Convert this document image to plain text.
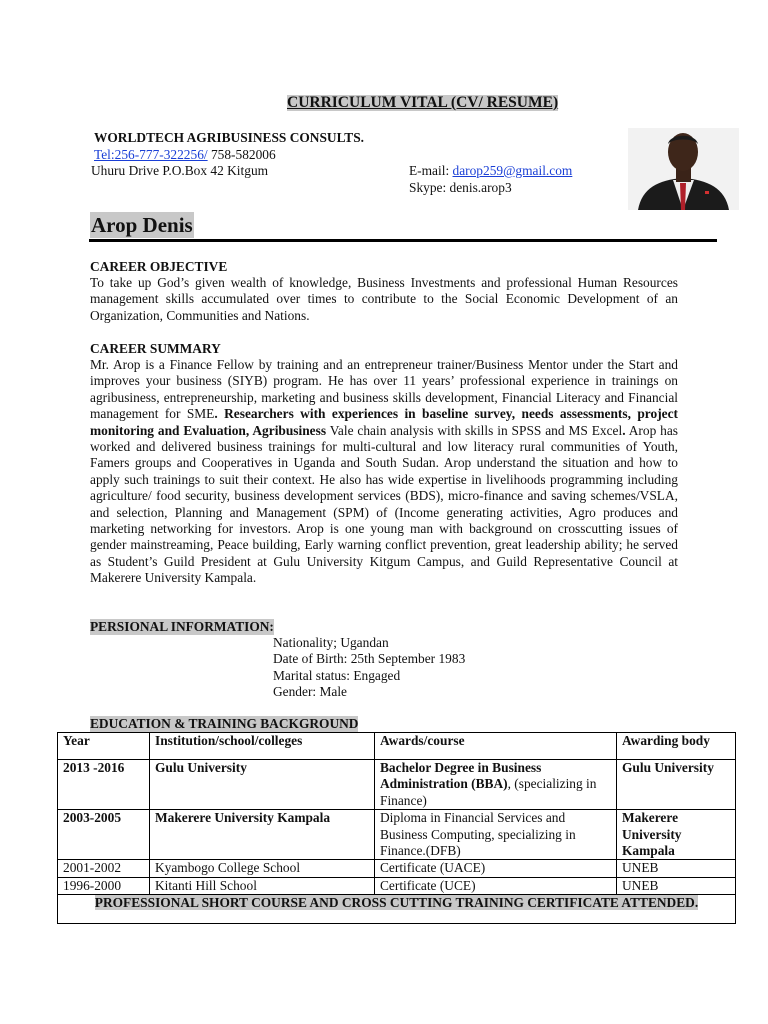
CURRICULUM VITAL (CV/ RESUME)
WORLDTECH AGRIBUSINESS CONSULTS.
Tel:256-777-322256/ 758-582006
Uhuru Drive P.O.Box 42 Kitgum	E-mail: darop259@gmail.com
Skype: denis.arop3
Arop Denis
CAREER OBJECTIVE
To take up God’s given wealth of knowledge, Business Investments and professional Human Resources management skills accumulated over times to contribute to the Social Economic Development of an Organization, Communities and Nations.
CAREER SUMMARY
Mr. Arop is a Finance Fellow by training and an entrepreneur trainer/Business Mentor under the Start and improves your business (SIYB) program. He has over 11 years’ professional experience in trainings on agribusiness, entrepreneurship, marketing and business skills development, Financial Literacy and Financial management for SME. Researchers with experiences in baseline survey, needs assessments, project monitoring and Evaluation, Agribusiness Vale chain analysis with skills in SPSS and MS Excel. Arop has worked and delivered business trainings for multi-cultural and low literacy rural communities of Youth, Famers groups and Cooperatives in Uganda and South Sudan. Arop understand the situation and how to apply such trainings to suit their context. He also has wide expertise in livelihoods programming including agriculture/ food security, business development services (BDS), micro-finance and saving schemes/VSLA, and selection, Planning and Management (SPM) of (Income generating activities, Agro produces and marketing networking for investors. Arop is one young man with background on crosscutting issues of gender mainstreaming, Peace building, Early warning conflict prevention, great leadership ability; he served as Student’s Guild President at Gulu University Kitgum Campus, and Guild Representative Council at Makerere University Kampala.
PERSIONAL INFORMATION:
Nationality; Ugandan
Date of Birth: 25th September 1983
Marital status: Engaged
Gender: Male
EDUCATION & TRAINING BACKGROUND
Year	Institution/school/colleges	Awards/course	Awarding body
2013 -2016	Gulu University	Bachelor Degree in Business Administration (BBA), (specializing in Finance)	Gulu University
2003-2005	Makerere University Kampala	Diploma in Financial Services and Business Computing, specializing in Finance.(DFB)	Makerere University Kampala
2001-2002	Kyambogo College School	Certificate (UACE)	UNEB
1996-2000	Kitanti Hill School	Certificate (UCE)	UNEB
PROFESSIONAL SHORT COURSE AND CROSS CUTTING TRAINING CERTIFICATE ATTENDED.			
